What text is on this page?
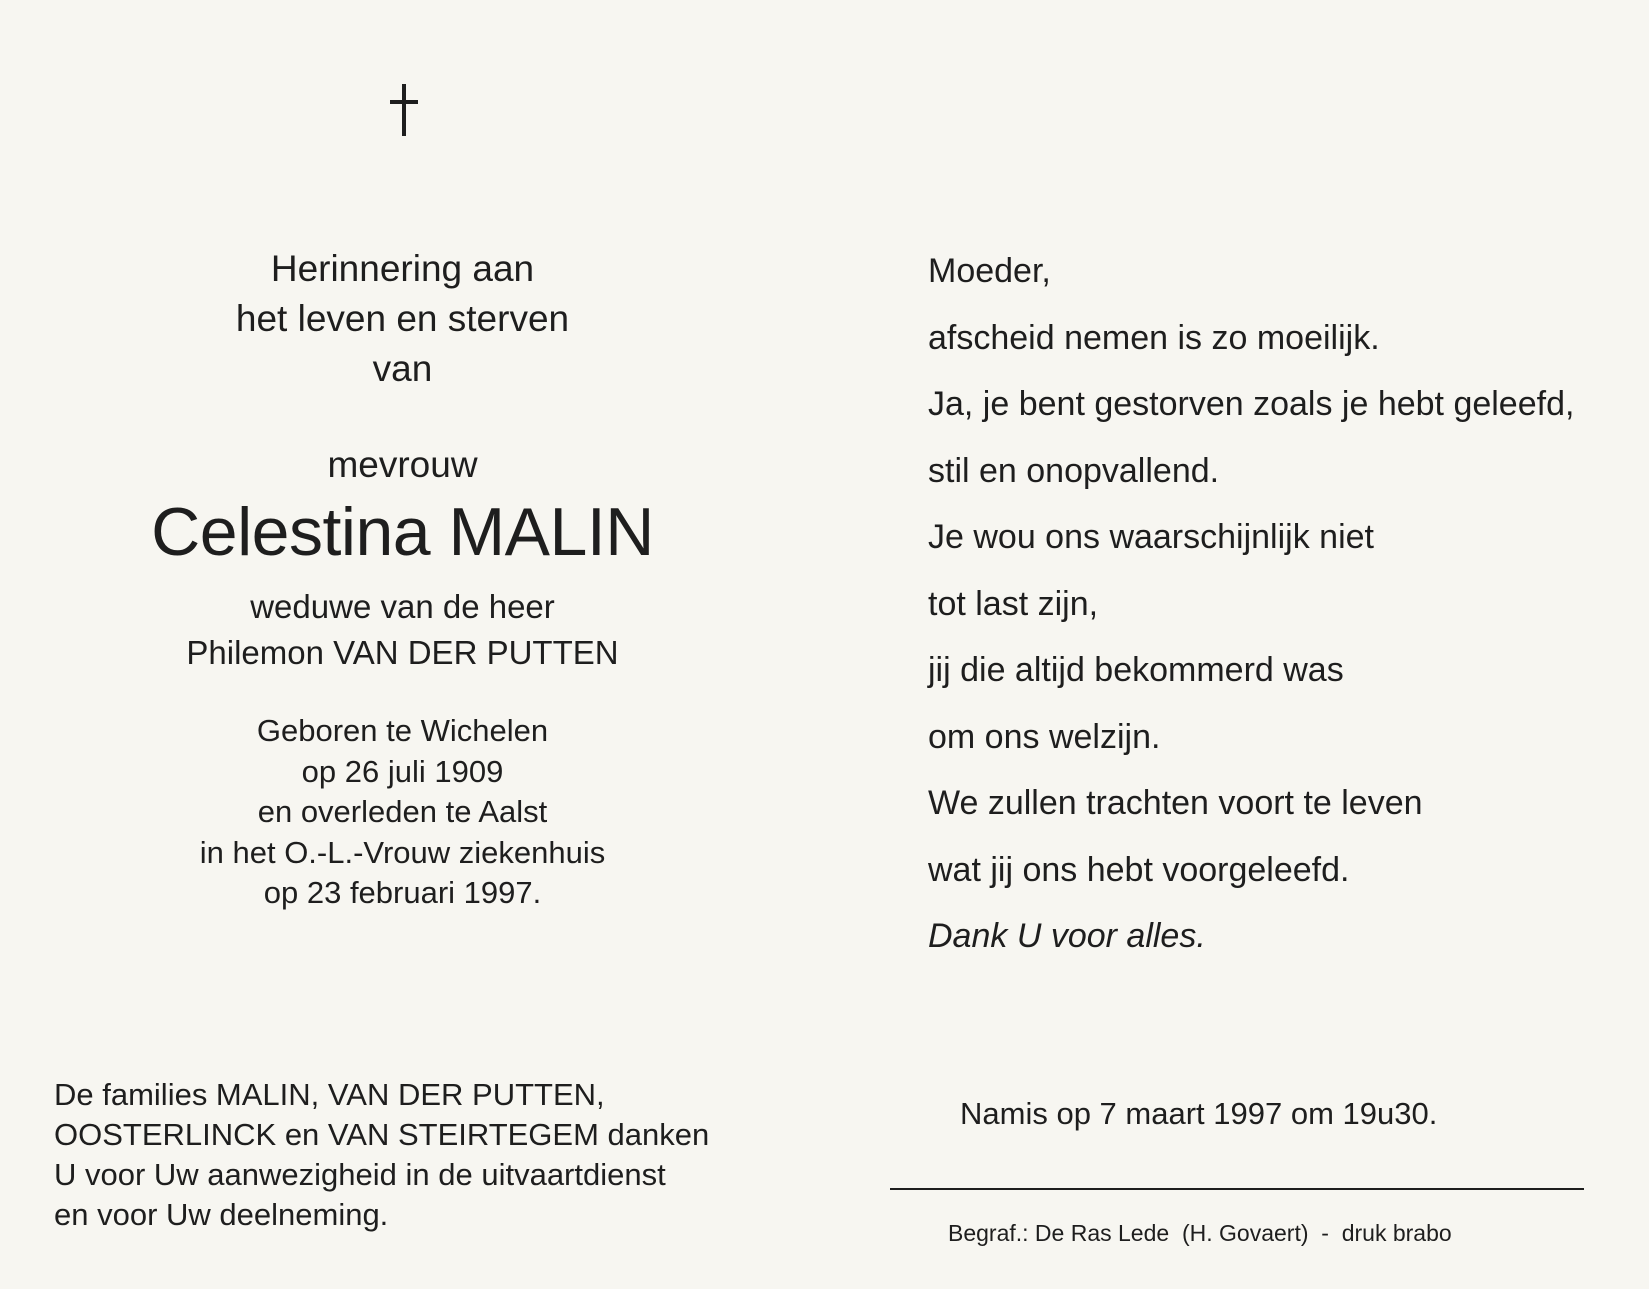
Herinnering aan
het leven en sterven
van
mevrouw
Celestina MALIN
weduwe van de heer
Philemon VAN DER PUTTEN
Geboren te Wichelen
op 26 juli 1909
en overleden te Aalst
in het O.-L.-Vrouw ziekenhuis
op 23 februari 1997.
De families MALIN, VAN DER PUTTEN,
OOSTERLINCK en VAN STEIRTEGEM danken
U voor Uw aanwezigheid in de uitvaartdienst
en voor Uw deelneming.
Moeder,
afscheid nemen is zo moeilijk.
Ja, je bent gestorven zoals je hebt geleefd,
stil en onopvallend.
Je wou ons waarschijnlijk niet
tot last zijn,
jij die altijd bekommerd was
om ons welzijn.
We zullen trachten voort te leven
wat jij ons hebt voorgeleefd.
Dank U voor alles.
Namis op 7 maart 1997 om 19u30.
Begraf.: De Ras Lede  (H. Govaert)  -  druk brabo
